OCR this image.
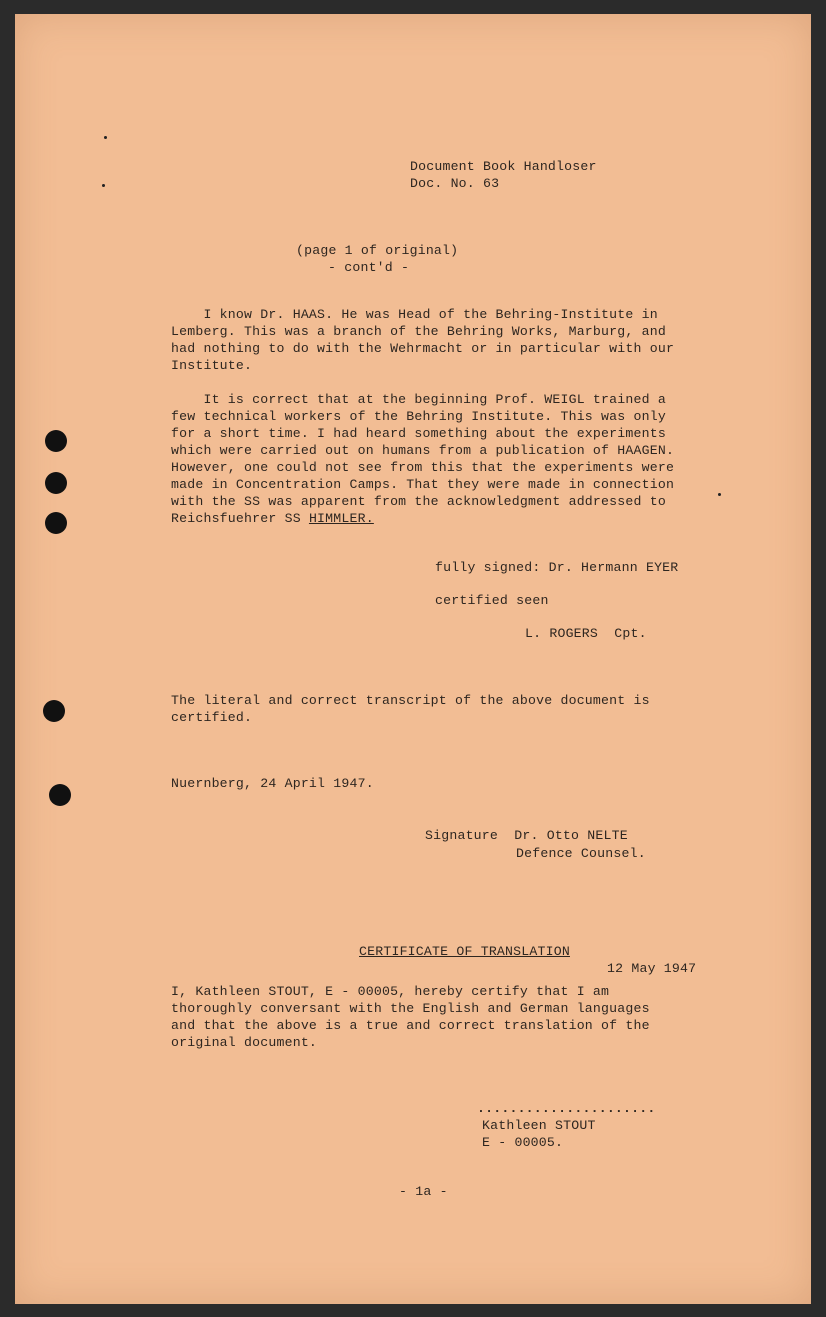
Document Book Handloser
Doc. No. 63
(page 1 of original)
- cont'd -
I know Dr. HAAS. He was Head of the Behring-Institute in
Lemberg. This was a branch of the Behring Works, Marburg, and
had nothing to do with the Wehrmacht or in particular with our
Institute.
It is correct that at the beginning Prof. WEIGL trained a
few technical workers of the Behring Institute. This was only
for a short time. I had heard something about the experiments
which were carried out on humans from a publication of HAAGEN.
However, one could not see from this that the experiments were
made in Concentration Camps. That they were made in connection
with the SS was apparent from the acknowledgment addressed to
Reichsfuehrer SS HIMMLER.
fully signed: Dr. Hermann EYER
certified seen
L. ROGERS  Cpt.
The literal and correct transcript of the above document is
certified.
Nuernberg, 24 April 1947.
Signature  Dr. Otto NELTE
Defence Counsel.
CERTIFICATE OF TRANSLATION
12 May 1947
I, Kathleen STOUT, E - 00005, hereby certify that I am
thoroughly conversant with the English and German languages
and that the above is a true and correct translation of the
original document.
......................
Kathleen STOUT
E - 00005.
- 1a -
